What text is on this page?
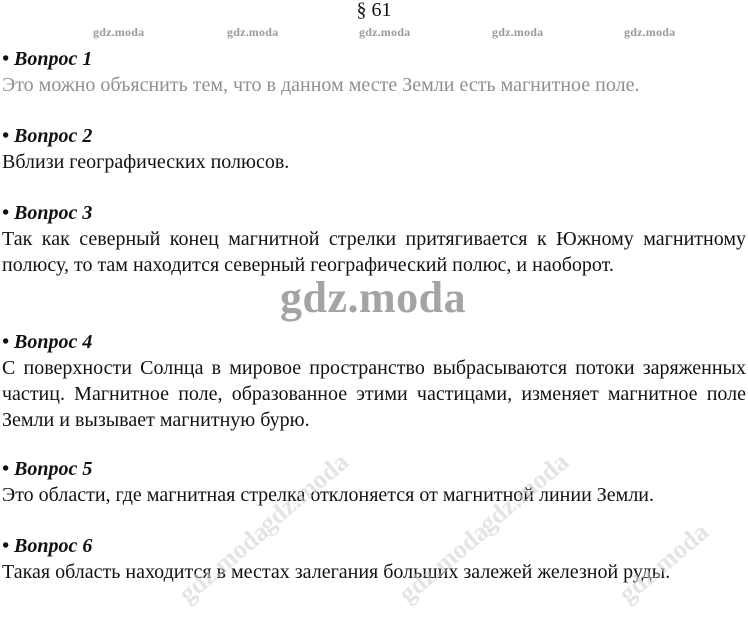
§ 61
gdz.moda	gdz.moda	gdz.moda	gdz.moda	gdz.moda

• Вопрос 1

Это можно объяснить тем, что в данном месте Земли есть магнитное поле.

• Вопрос 2

Вблизи географических полюсов.

• Вопрос 3

Так как северный конец магнитной стрелки притягивается к Южному магнитному полюсу, то там находится северный географический полюс, и наоборот.

gdz.moda

• Вопрос 4

С поверхности Солнца в мировое пространство выбрасываются потоки заряженных частиц. Магнитное поле, образованное этими частицами, изменяет магнитное поле Земли и вызывает магнитную бурю.

• Вопрос 5

Это области, где магнитная стрелка отклоняется от магнитной линии Земли.

• Вопрос 6

Такая область находится в местах залегания больших залежей железной руды.

gdz.moda	gdz.moda
gdz.moda	gdz.moda	gdz.moda
